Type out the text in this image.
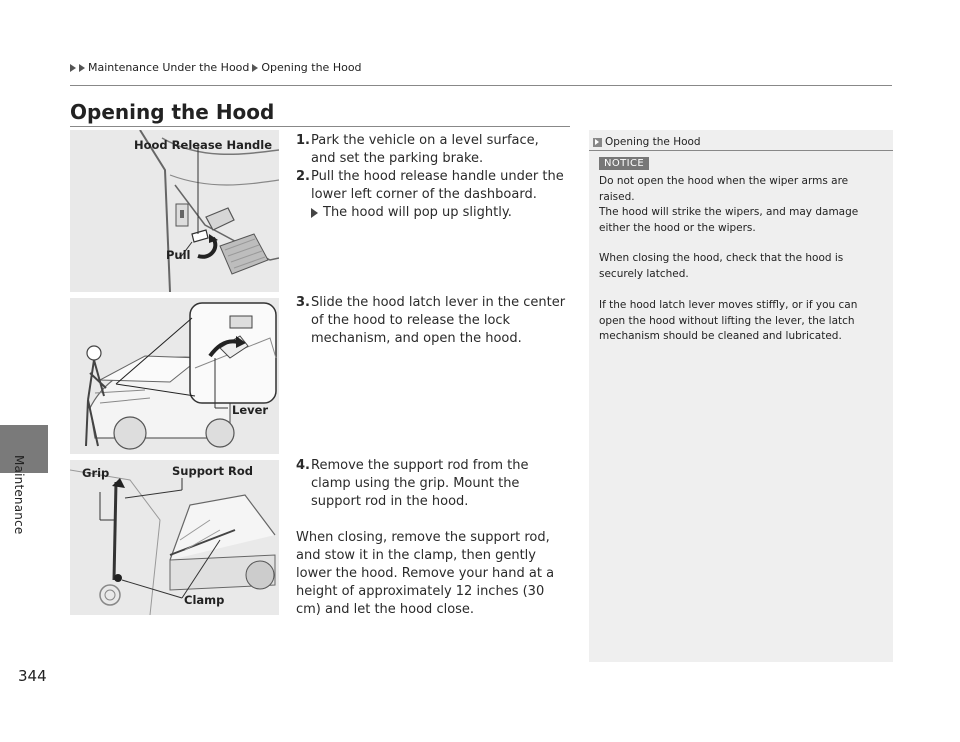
Maintenance Under the Hood Opening the Hood
Maintenance
344
Opening the Hood
Hood Release Handle
Pull
Lever
Grip	Support Rod
Clamp
1. Park the vehicle on a level surface, and set the parking brake.
2. Pull the hood release handle under the lower left corner of the dashboard.
The hood will pop up slightly.
3. Slide the hood latch lever in the center of the hood to release the lock mechanism, and open the hood.
4. Remove the support rod from the clamp using the grip. Mount the support rod in the hood.
When closing, remove the support rod, and stow it in the clamp, then gently lower the hood. Remove your hand at a height of approximately 12 inches (30 cm) and let the hood close.
Opening the Hood
NOTICE

Do not open the hood when the wiper arms are raised.

The hood will strike the wipers, and may damage either the hood or the wipers.

When closing the hood, check that the hood is securely latched.

If the hood latch lever moves stiffly, or if you can open the hood without lifting the lever, the latch mechanism should be cleaned and lubricated.
